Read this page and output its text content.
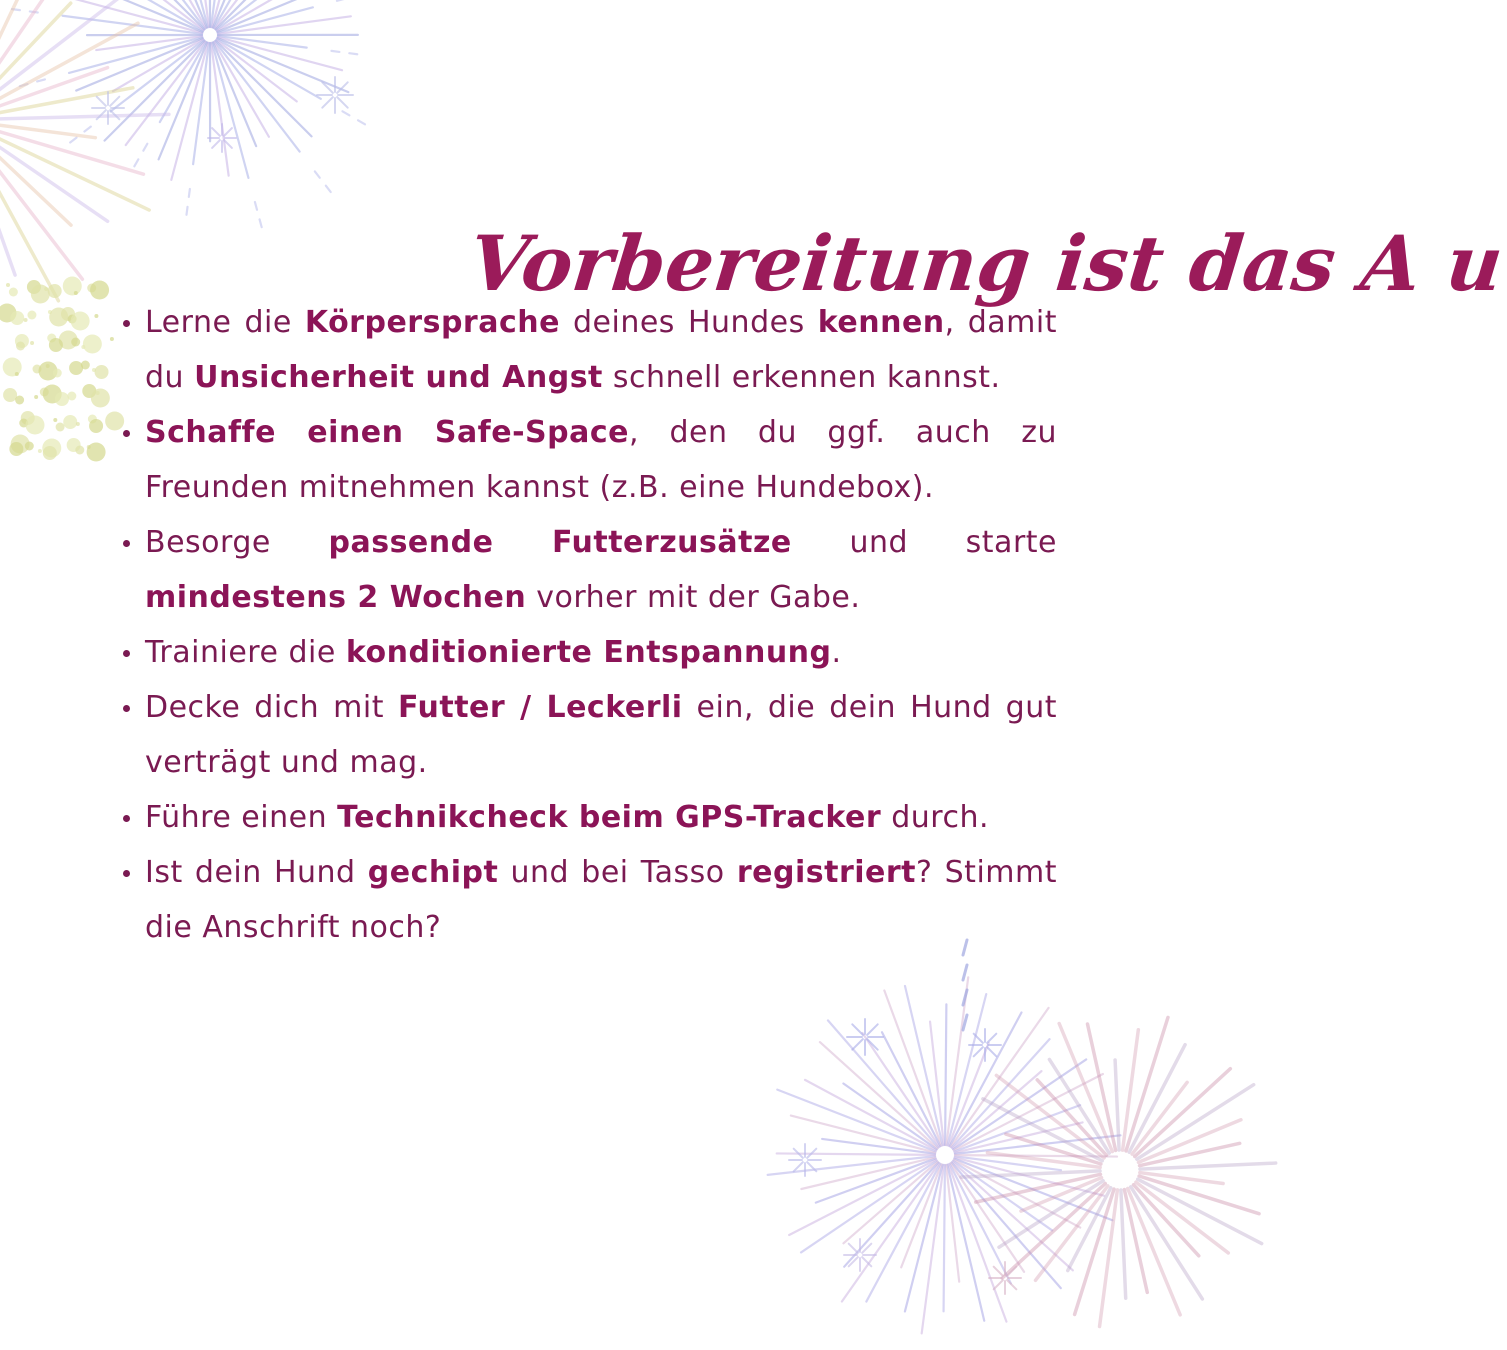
Vorbereitung ist das A u
Lerne die Körpersprache deines Hundes kennen, damit du Unsicherheit und Angst schnell erkennen kannst.
Schaffe einen Safe-Space, den du ggf. auch zu Freunden mitnehmen kannst (z.B. eine Hundebox).
Besorge passende Futterzusätze und starte mindestens 2 Wochen vorher mit der Gabe.
Trainiere die konditionierte Entspannung.
Decke dich mit Futter / Leckerli ein, die dein Hund gut verträgt und mag.
Führe einen Technikcheck beim GPS-Tracker durch.
Ist dein Hund gechipt und bei Tasso registriert? Stimmt die Anschrift noch?
